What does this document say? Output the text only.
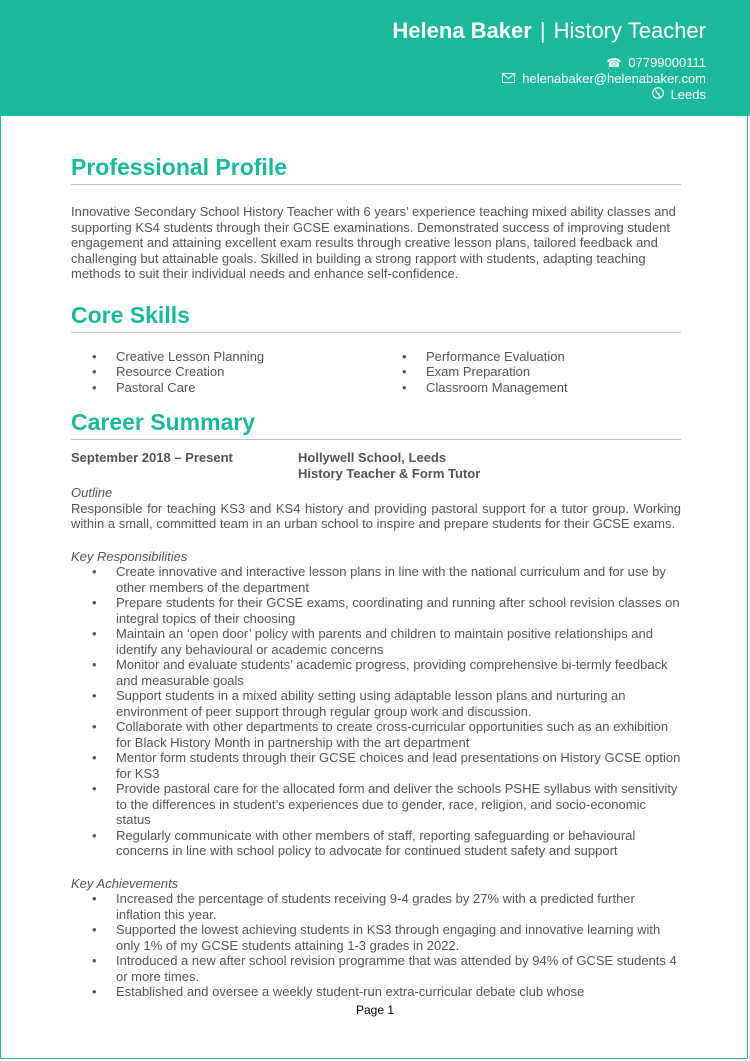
Helena Baker | History Teacher
☎ 07799000111
helenabaker@helenabaker.com
Leeds
Professional Profile

Innovative Secondary School History Teacher with 6 years’ experience teaching mixed ability classes and supporting KS4 students through their GCSE examinations. Demonstrated success of improving student engagement and attaining excellent exam results through creative lesson plans, tailored feedback and challenging but attainable goals. Skilled in building a strong rapport with students, adapting teaching methods to suit their individual needs and enhance self-confidence.

Core Skills
• Creative Lesson Planning
• Resource Creation
• Pastoral Care
• Performance Evaluation
• Exam Preparation
• Classroom Management
Career Summary
September 2018 – Present	Hollywell School, Leeds
History Teacher & Form Tutor
Outline

Responsible for teaching KS3 and KS4 history and providing pastoral support for a tutor group. Working within a small, committed team in an urban school to inspire and prepare students for their GCSE exams.

Key Responsibilities
• Create innovative and interactive lesson plans in line with the national curriculum and for use by other members of the department
• Prepare students for their GCSE exams, coordinating and running after school revision classes on integral topics of their choosing
• Maintain an ‘open door’ policy with parents and children to maintain positive relationships and identify any behavioural or academic concerns
• Monitor and evaluate students’ academic progress, providing comprehensive bi-termly feedback and measurable goals
• Support students in a mixed ability setting using adaptable lesson plans and nurturing an environment of peer support through regular group work and discussion.
• Collaborate with other departments to create cross-curricular opportunities such as an exhibition for Black History Month in partnership with the art department
• Mentor form students through their GCSE choices and lead presentations on History GCSE option for KS3
• Provide pastoral care for the allocated form and deliver the schools PSHE syllabus with sensitivity to the differences in student’s experiences due to gender, race, religion, and socio-economic status
• Regularly communicate with other members of staff, reporting safeguarding or behavioural concerns in line with school policy to advocate for continued student safety and support
Key Achievements
• Increased the percentage of students receiving 9-4 grades by 27% with a predicted further inflation this year.
• Supported the lowest achieving students in KS3 through engaging and innovative learning with only 1% of my GCSE students attaining 1-3 grades in 2022.
• Introduced a new after school revision programme that was attended by 94% of GCSE students 4 or more times.
• Established and oversee a weekly student-run extra-curricular debate club whose
Page 1
